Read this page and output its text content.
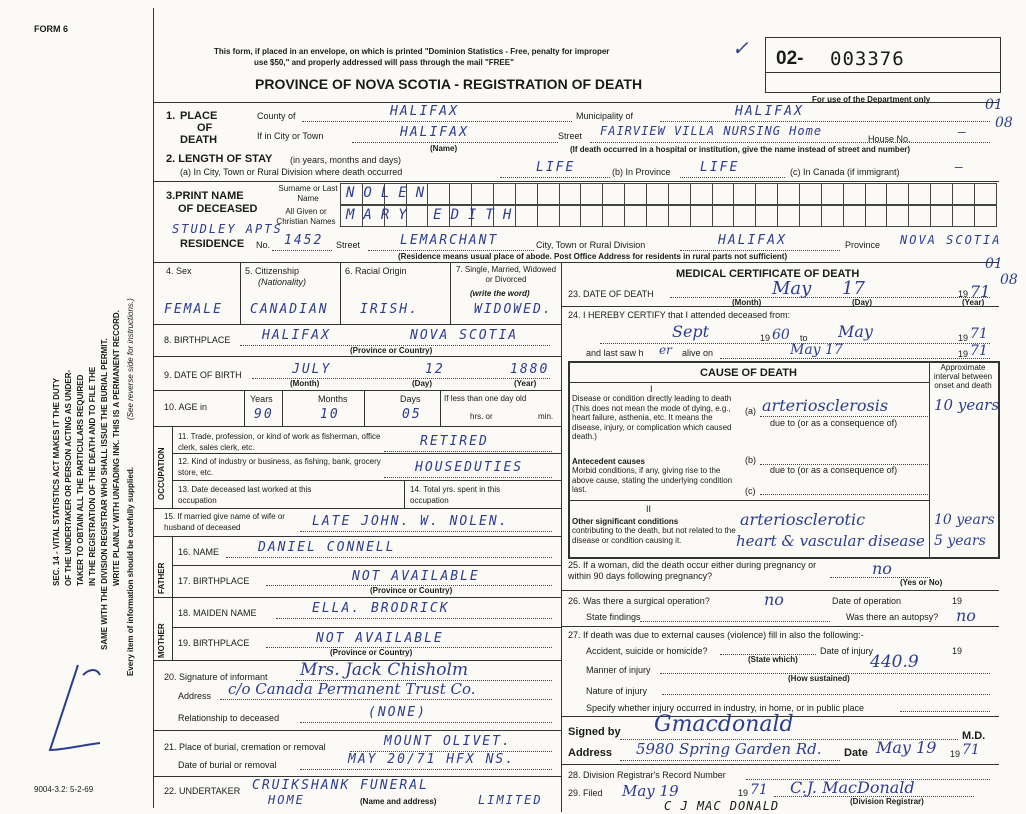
FORM 6
SEC. 14 - VITAL STATISTICS ACT MAKES IT THE DUTY OF THE UNDERTAKER OR PERSON ACTING AS UNDER- TAKER TO OBTAIN ALL THE PARTICULARS REQUIRED IN THE REGISTRATION OF THE DEATH AND TO FILE THE SAME WITH THE DIVISION REGISTRAR WHO SHALL ISSUE THE BURIAL PERMIT. WRITE PLAINLY WITH UNFADING INK. THIS IS A PERMANENT RECORD. Every item of information should be carefully supplied.
(See reverse side for instructions.)
9004-3.2: 5-2-69
This form, if placed in an envelope, on which is printed "Dominion Statistics - Free, penalty for improper
use $50," and properly addressed will pass through the mail "FREE"
PROVINCE OF NOVA SCOTIA - REGISTRATION OF DEATH
✓ 02- 003376
For use of the Department only	01
08
01
08
1. PLACE
OF
DEATH
County of	HALIFAX	Municipality of	HALIFAX
If in City or Town	HALIFAX
(Name)
Street FAIRVIEW VILLA NURSING Home
House No.	—
(If death occurred in a hospital or institution, give the name instead of street and number)
2. LENGTH OF STAY (in years, months and days)
(a) In City, Town or Rural Division where death occurred	LIFE	(b) In Province LIFE	(c) In Canada (if immigrant)	—
3.PRINT NAME
OF DECEASED
Surname or Last Name
All Given or Christian Names
NOLEN
MARY EDITH
STUDLEY APTS
RESIDENCE No. 1452 Street	LEMARCHANT	City, Town or Rural Division	HALIFAX	Province NOVA SCOTIA
(Residence means usual place of abode. Post Office Address for residents in rural parts not sufficient)
4. Sex	5. Citizenship
(Nationality)
6. Racial Origin	7. Single, Married, Widowed or Divorced
(write the word)
FEMALE CANADIAN IRISH.	WIDOWED.
8. BIRTHPLACE HALIFAX	NOVA SCOTIA
(Province or Country)
9. DATE OF BIRTH	JULY	12	1880
(Month)	(Day)	(Year)
10. AGE in
Years
90
Months
10
Days
05
If less than one day old
hrs. or	min.
OCCUPATION
11. Trade, profession, or kind of work as fisherman, office clerk, sales clerk, etc.	RETIRED
12. Kind of industry or business, as fishing, bank, grocery store, etc.	HOUSEDUTIES
13. Date deceased last worked at this occupation
14. Total yrs. spent in this occupation
15. If married give name of wife or husband of deceased	LATE JOHN. W. NOLEN.
FATHER
16. NAME	DANIEL CONNELL
17. BIRTHPLACE	NOT AVAILABLE
(Province or Country)
MOTHER
18. MAIDEN NAME	ELLA. BRODRICK
19. BIRTHPLACE	NOT AVAILABLE
(Province or Country)
20. Signature of informant Mrs. Jack Chisholm
Address c/o Canada Permanent Trust Co.
Relationship to deceased	(NONE)
21. Place of burial, cremation or removal	MOUNT OLIVET.
Date of burial or removal	MAY 20/71 HFX NS.
22. UNDERTAKER CRUIKSHANK FUNERAL
HOME	(Name and address)	LIMITED
MEDICAL CERTIFICATE OF DEATH
23. DATE OF DEATH	May 17	19 71
(Month)	(Day)	(Year)
24. I HEREBY CERTIFY that I attended deceased from:
Sept	19 60 to May	19 71
and last saw h er alive on	May 17	19 71
CAUSE OF DEATH	Approximate interval between onset and death
I
Disease or condition directly leading to death (This does not mean the mode of dying, e.g., heart failure, asthenia, etc. It means the disease, injury, or complication which caused death.)
(a) arteriosclerosis	10 years
due to (or as a consequence of)
Antecedent causes
Morbid conditions, if any, giving rise to the above cause, stating the underlying condition last.
(b)
due to (or as a consequence of)
(c)
II
Other significant conditions
contributing to the death, but not related to the disease or condition causing it.
arteriosclerotic	10 years
heart & vascular disease 5 years
25. If a woman, did the death occur either during pregnancy or within 90 days following pregnancy?	no
(Yes or No)
26. Was there a surgical operation?	no	Date of operation	19
State findings	Was there an autopsy? no
27. If death was due to external causes (violence) fill in also the following:-
Accident, suicide or homicide?
(State which)
Date of injury	19
Manner of injury	440.9
(How sustained)
Nature of injury
Specify whether injury occurred in industry, in home, or in public place
Signed by Gmacdonald	M.D.
Address 5980 Spring Garden Rd. Date May 19 19 71
28. Division Registrar's Record Number
29. Filed May 19	19 71 C.J. MacDonald
(Division Registrar)
C J MAC DONALD
